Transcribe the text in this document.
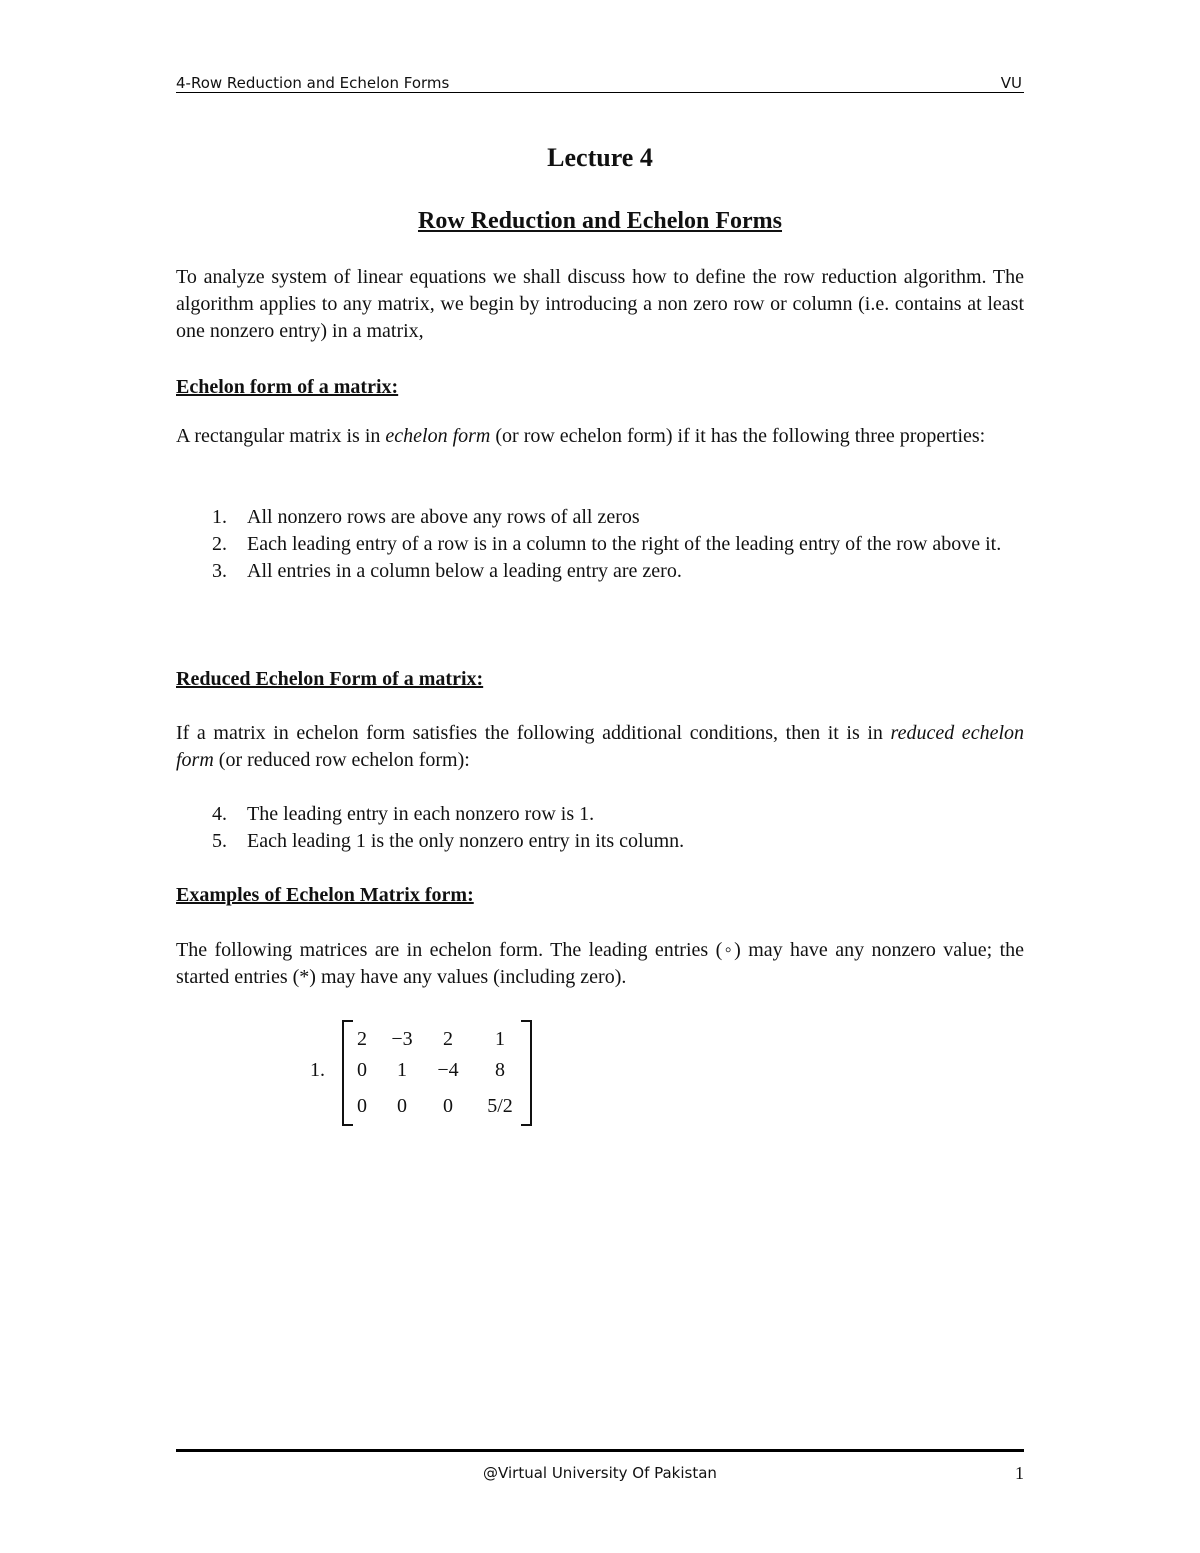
4-Row Reduction and Echelon Forms	VU
Lecture 4
Row Reduction and Echelon Forms
To analyze system of linear equations we shall discuss how to define the row reduction algorithm. The algorithm applies to any matrix, we begin by introducing a non zero row or column (i.e. contains at least one nonzero entry) in a matrix,
Echelon form of a matrix:
A rectangular matrix is in echelon form (or row echelon form) if it has the following three properties:
1. All nonzero rows are above any rows of all zeros
2. Each leading entry of a row is in a column to the right of the leading entry of the row above it.
3. All entries in a column below a leading entry are zero.
Reduced Echelon Form of a matrix:
If a matrix in echelon form satisfies the following additional conditions, then it is in reduced echelon form (or reduced row echelon form):
4. The leading entry in each nonzero row is 1.
5. Each leading 1 is the only nonzero entry in its column.
Examples of Echelon Matrix form:
The following matrices are in echelon form. The leading entries (◦) may have any nonzero value; the started entries (*) may have any values (including zero).
1.
2	−3	2	1
0	1	−4	8
0	0	0	5/2
@Virtual University Of Pakistan	1
